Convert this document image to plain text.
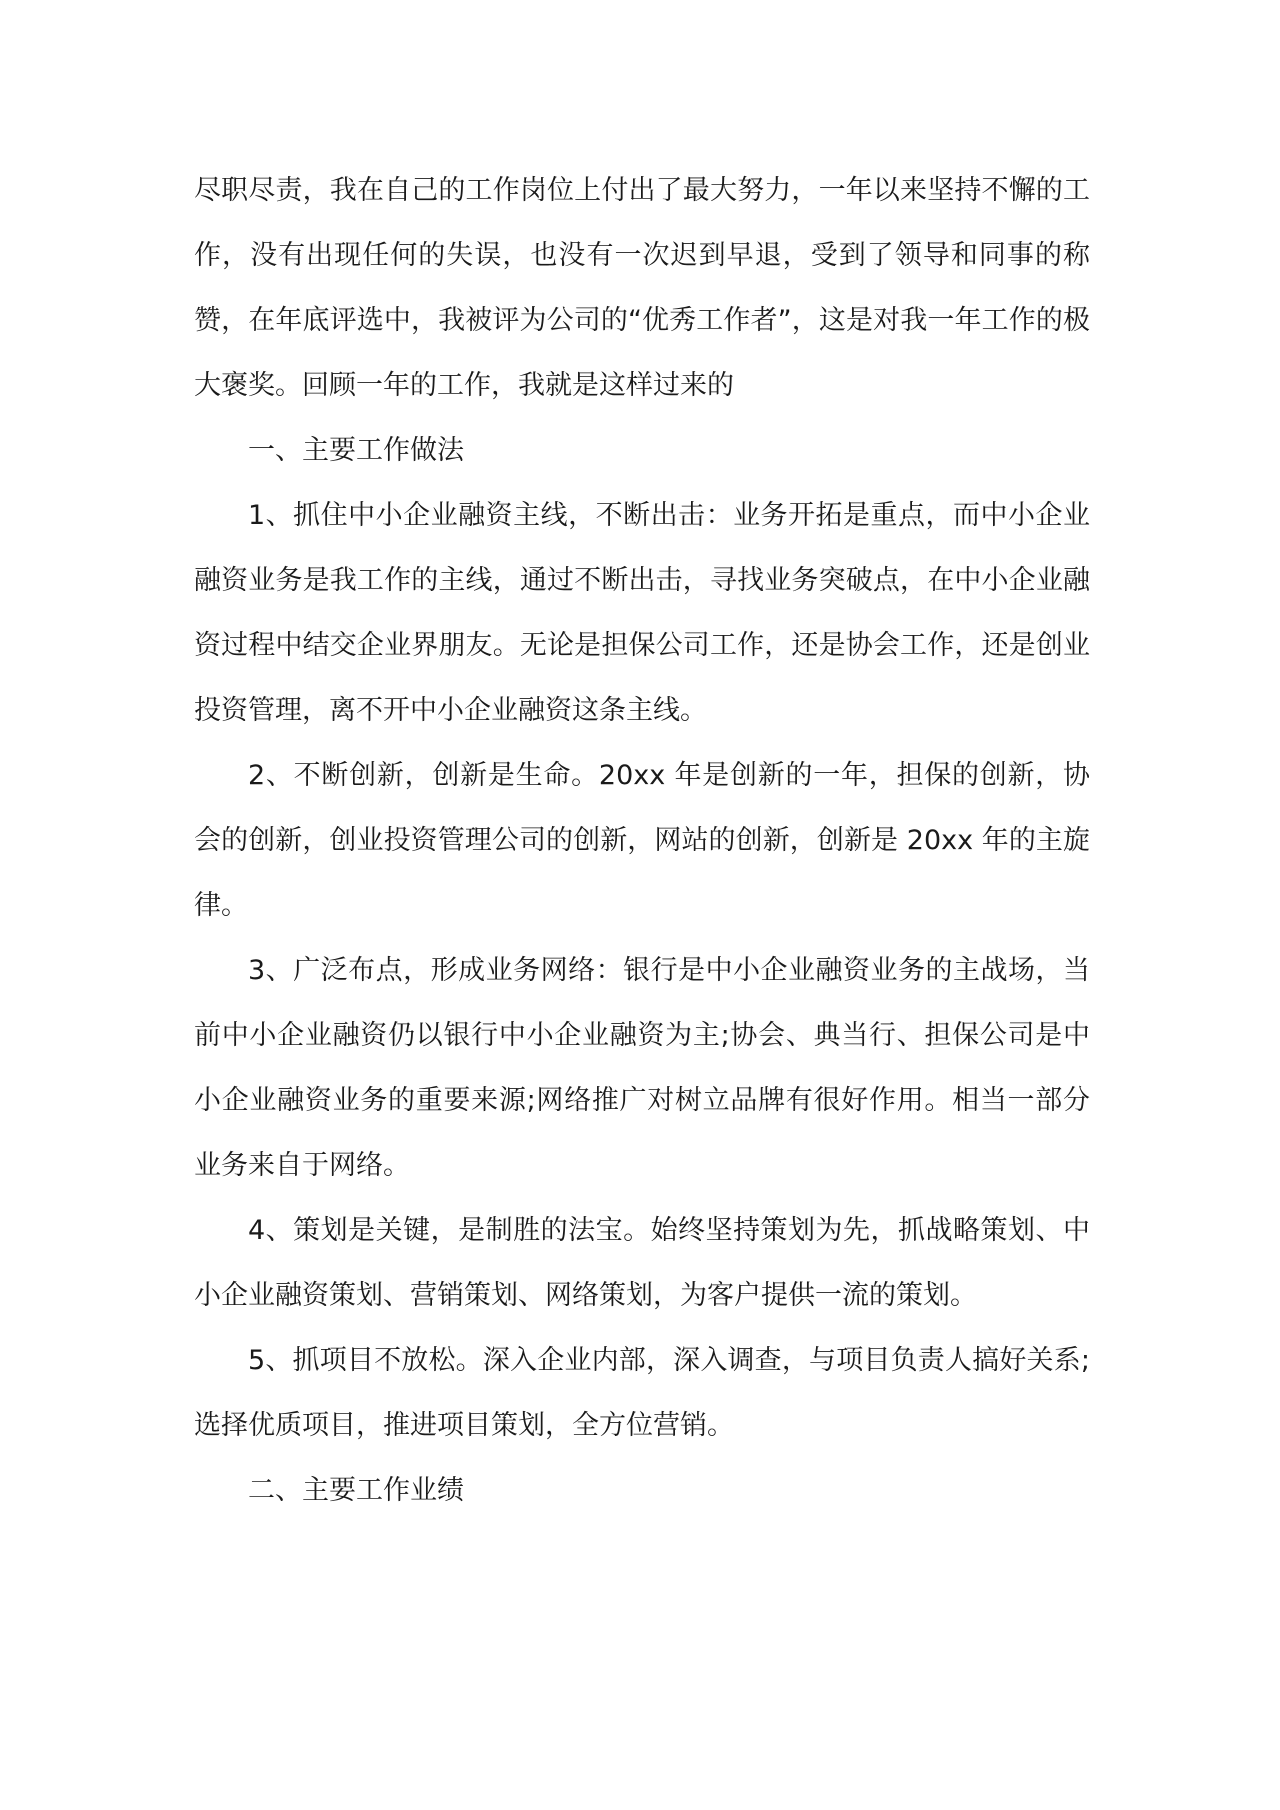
尽职尽责，我在自己的工作岗位上付出了最大努力，一年以来坚持不懈的工作，没有出现任何的失误，也没有一次迟到早退，受到了领导和同事的称赞，在年底评选中，我被评为公司的“优秀工作者”，这是对我一年工作的极大褒奖。回顾一年的工作，我就是这样过来的

一、主要工作做法

1、抓住中小企业融资主线，不断出击：业务开拓是重点，而中小企业融资业务是我工作的主线，通过不断出击，寻找业务突破点，在中小企业融资过程中结交企业界朋友。无论是担保公司工作，还是协会工作，还是创业投资管理，离不开中小企业融资这条主线。

2、不断创新，创新是生命。20xx 年是创新的一年，担保的创新，协会的创新，创业投资管理公司的创新，网站的创新，创新是 20xx 年的主旋律。

3、广泛布点，形成业务网络：银行是中小企业融资业务的主战场，当前中小企业融资仍以银行中小企业融资为主;协会、典当行、担保公司是中小企业融资业务的重要来源;网络推广对树立品牌有很好作用。相当一部分业务来自于网络。

4、策划是关键，是制胜的法宝。始终坚持策划为先，抓战略策划、中小企业融资策划、营销策划、网络策划，为客户提供一流的策划。

5、抓项目不放松。深入企业内部，深入调查，与项目负责人搞好关系;选择优质项目，推进项目策划，全方位营销。

二、主要工作业绩
